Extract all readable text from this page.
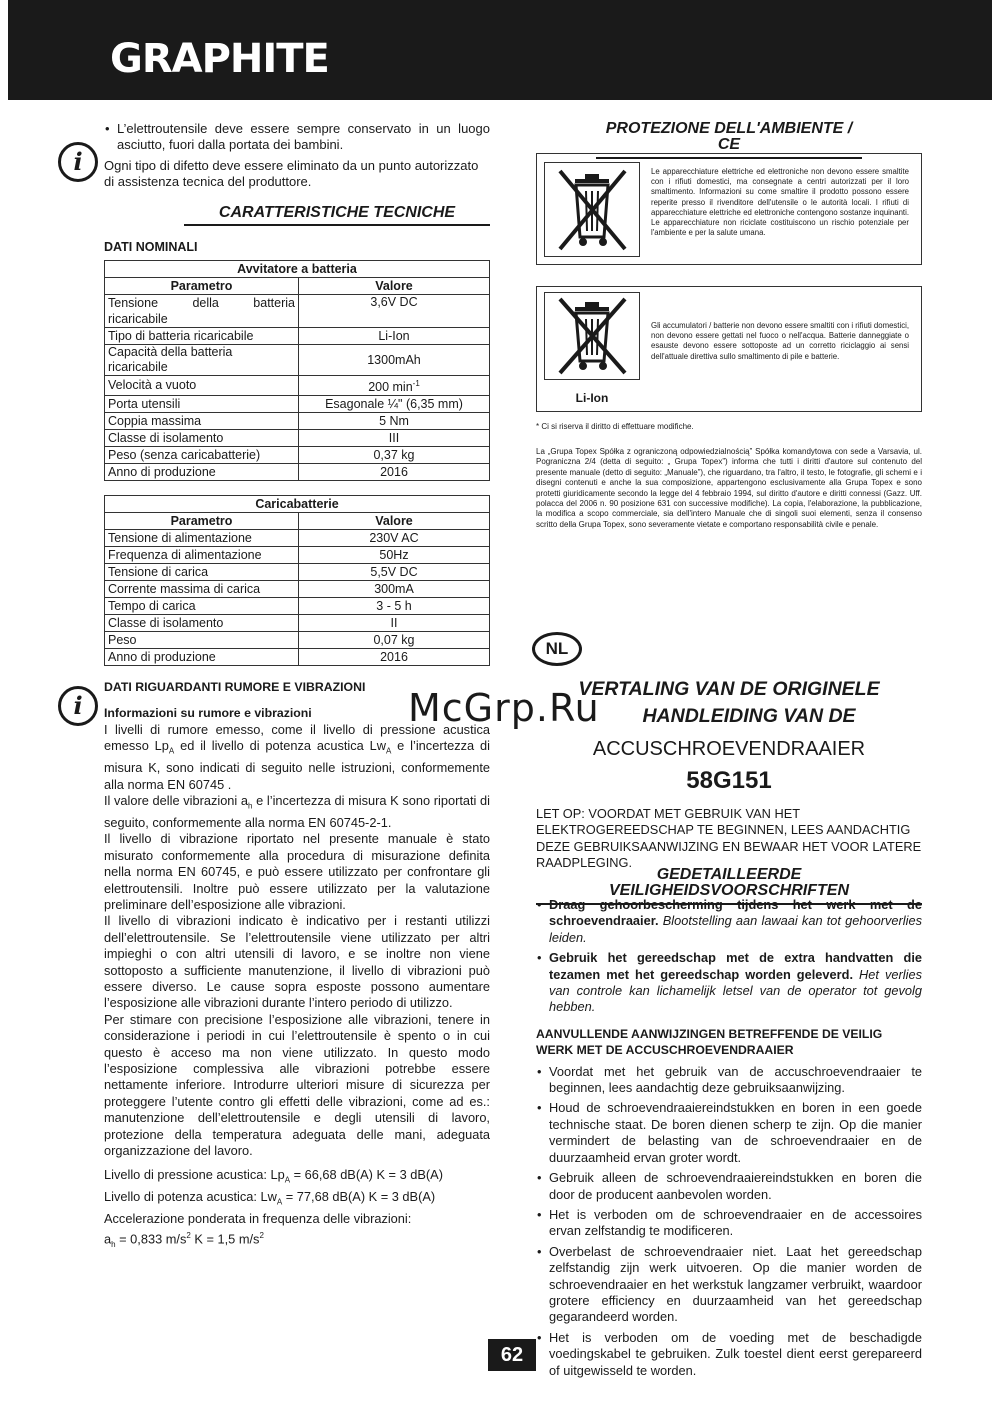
GRAPHITE
i
• L’elettroutensile deve essere sempre conservato in un luogo asciutto, fuori dalla portata dei bambini.
Ogni tipo di difetto deve essere eliminato da un punto autorizzato di assistenza tecnica del produttore.
CARATTERISTICHE TECNICHE
DATI NOMINALI
Avvitatore a batteria	
Parametro	Valore
Tensione della batteria ricaricabile	3,6V DC
Tipo di batteria ricaricabile	Li-Ion
Capacità della batteria ricaricabile	1300mAh
Velocità a vuoto	200 $\min^{-1}$
Porta utensili	Esagonale ¼" (6,35 mm)
Coppia massima	5 Nm
Classe di isolamento	III
Peso (senza caricabatterie)	0,37 kg
Anno di produzione	2016
Caricabatterie	
Parametro	Valore
Tensione di alimentazione	230V AC
Frequenza di alimentazione	50Hz
Tensione di carica	5,5V DC
Corrente massima di carica	300mA
Tempo di carica	3 - 5 h
Classe di isolamento	II
Peso	0,07 kg
Anno di produzione	2016
i
DATI RIGUARDANTI RUMORE E VIBRAZIONI
Informazioni su rumore e vibrazioni
I livelli di rumore emesso, come il livello di pressione acustica emesso $Lp_A$ ed il livello di potenza acustica $Lw_A$ e l’incertezza di misura K, sono indicati di seguito nelle istruzioni, conformemente alla norma EN 60745 .
Il valore delle vibrazioni $a_h$ e l’incertezza di misura K sono riportati di seguito, conformemente alla norma EN 60745-2-1.
Il livello di vibrazione riportato nel presente manuale è stato misurato conformemente alla procedura di misurazione definita nella norma EN 60745, e può essere utilizzato per confrontare gli elettroutensili. Inoltre può essere utilizzato per la valutazione preliminare dell’esposizione alle vibrazioni.
Il livello di vibrazioni indicato è indicativo per i restanti utilizzi dell’elettroutensile. Se l’elettroutensile viene utilizzato per altri impieghi o con altri utensili di lavoro, e se inoltre non viene sottoposto a sufficiente manutenzione, il livello di vibrazioni può essere diverso. Le cause sopra esposte possono aumentare l’esposizione alle vibrazioni durante l’intero periodo di utilizzo.
Per stimare con precisione l’esposizione alle vibrazioni, tenere in considerazione i periodi in cui l’elettroutensile è spento o in cui questo è acceso ma non viene utilizzato. In questo modo l’esposizione complessiva alle vibrazioni potrebbe essere nettamente inferiore. Introdurre ulteriori misure di sicurezza per proteggere l’utente contro gli effetti delle vibrazioni, come ad es.: manutenzione dell’elettroutensile e degli utensili di lavoro, protezione della temperatura adeguata delle mani, adeguata organizzazione del lavoro.
Livello di pressione acustica: $Lp_A = 66,68$ dB(A) K = 3 dB(A)
Livello di potenza acustica: $Lw_A = 77,68$ dB(A) K = 3 dB(A)
Accelerazione ponderata in frequenza delle vibrazioni:
$a_h = 0,833$ $m/s^2$ K = 1,5 $m/s^2$
PROTEZIONE DELL'AMBIENTE / CE
Le apparecchiature elettriche ed elettroniche non devono essere smaltite con i rifiuti domestici, ma consegnate a centri autorizzati per il loro smaltimento. Informazioni su come smaltire il prodotto possono essere reperite presso il rivenditore dell'utensile o le autorità locali. I rifiuti di apparecchiature elettriche ed elettroniche contengono sostanze inquinanti. Le apparecchiature non riciclate costituiscono un rischio potenziale per l'ambiente e per la salute umana.
Li-Ion
Gli accumulatori / batterie non devono essere smaltiti con i rifiuti domestici, non devono essere gettati nel fuoco o nell'acqua. Batterie danneggiate o esauste devono essere sottoposte ad un corretto riciclaggio ai sensi dell'attuale direttiva sullo smaltimento di pile e batterie.
* Ci si riserva il diritto di effettuare modifiche.
La „Grupa Topex Spółka z ograniczoną odpowiedzialnością” Spółka komandytowa con sede a Varsavia, ul. Pograniczna 2/4 (detta di seguito: „ Grupa Topex”) informa che tutti i diritti d'autore sul contenuto del presente manuale (detto di seguito: „Manuale”), che riguardano, tra l'altro, il testo, le fotografie, gli schemi e i disegni contenuti e anche la sua composizione, appartengono esclusivamente alla Grupa Topex e sono protetti giuridicamente secondo la legge del 4 febbraio 1994, sul diritto d'autore e diritti connessi (Gazz. Uff. polacca del 2006 n. 90 posizione 631 con successive modifiche). La copia, l'elaborazione, la pubblicazione, la modifica a scopo commerciale, sia dell'intero Manuale che di singoli suoi elementi, senza il consenso scritto della Grupa Topex, sono severamente vietate e comportano responsabilità civile e penale.
NL
VERTALING VAN DE ORIGINELE
HANDLEIDING VAN DE
ACCUSCHROEVENDRAAIER
58G151
LET OP: VOORDAT MET GEBRUIK VAN HET ELEKTROGEREEDSCHAP TE BEGINNEN, LEES AANDACHTIG DEZE GEBRUIKSAANWIJZING EN BEWAAR HET VOOR LATERE RAADPLEGING.
GEDETAILLEERDE VEILIGHEIDSVOORSCHRIFTEN
• Draag gehoorbescherming tijdens het werk met de schroevendraaier. Blootstelling aan lawaai kan tot gehoorverlies leiden.
• Gebruik het gereedschap met de extra handvatten die tezamen met het gereedschap worden geleverd. Het verlies van controle kan lichamelijk letsel van de operator tot gevolg hebben.
AANVULLENDE AANWIJZINGEN BETREFFENDE DE VEILIG WERK MET DE ACCUSCHROEVENDRAAIER
• Voordat met het gebruik van de accuschroevendraaier te beginnen, lees aandachtig deze gebruiksaanwijzing.
• Houd de schroevendraaiereindstukken en boren in een goede technische staat. De boren dienen scherp te zijn. Op die manier vermindert de belasting van de schroevendraaier en de duurzaamheid ervan groter wordt.
• Gebruik alleen de schroevendraaiereindstukken en boren die door de producent aanbevolen worden.
• Het is verboden om de schroevendraaier en de accessoires ervan zelfstandig te modificeren.
• Overbelast de schroevendraaier niet. Laat het gereedschap zelfstandig zijn werk uitvoeren. Op die manier worden de schroevendraaier en het werkstuk langzamer verbruikt, waardoor grotere efficiency en duurzaamheid van het gereedschap gegarandeerd worden.
• Het is verboden om de voeding met de beschadigde voedingskabel te gebruiken. Zulk toestel dient eerst gerepareerd of uitgewisseld te worden.
McGrp.Ru
62
